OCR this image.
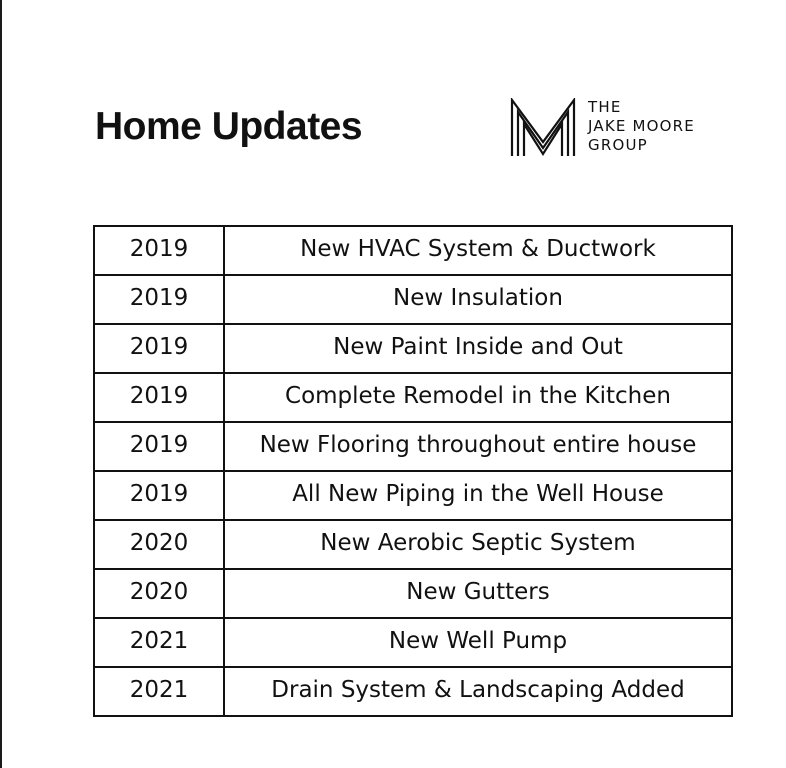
Home Updates	THE
JAKE MOORE
GROUP
2019	New HVAC System & Ductwork
2019	New Insulation
2019	New Paint Inside and Out
2019	Complete Remodel in the Kitchen
2019	New Flooring throughout entire house
2019	All New Piping in the Well House
2020	New Aerobic Septic System
2020	New Gutters
2021	New Well Pump
2021	Drain System & Landscaping Added
